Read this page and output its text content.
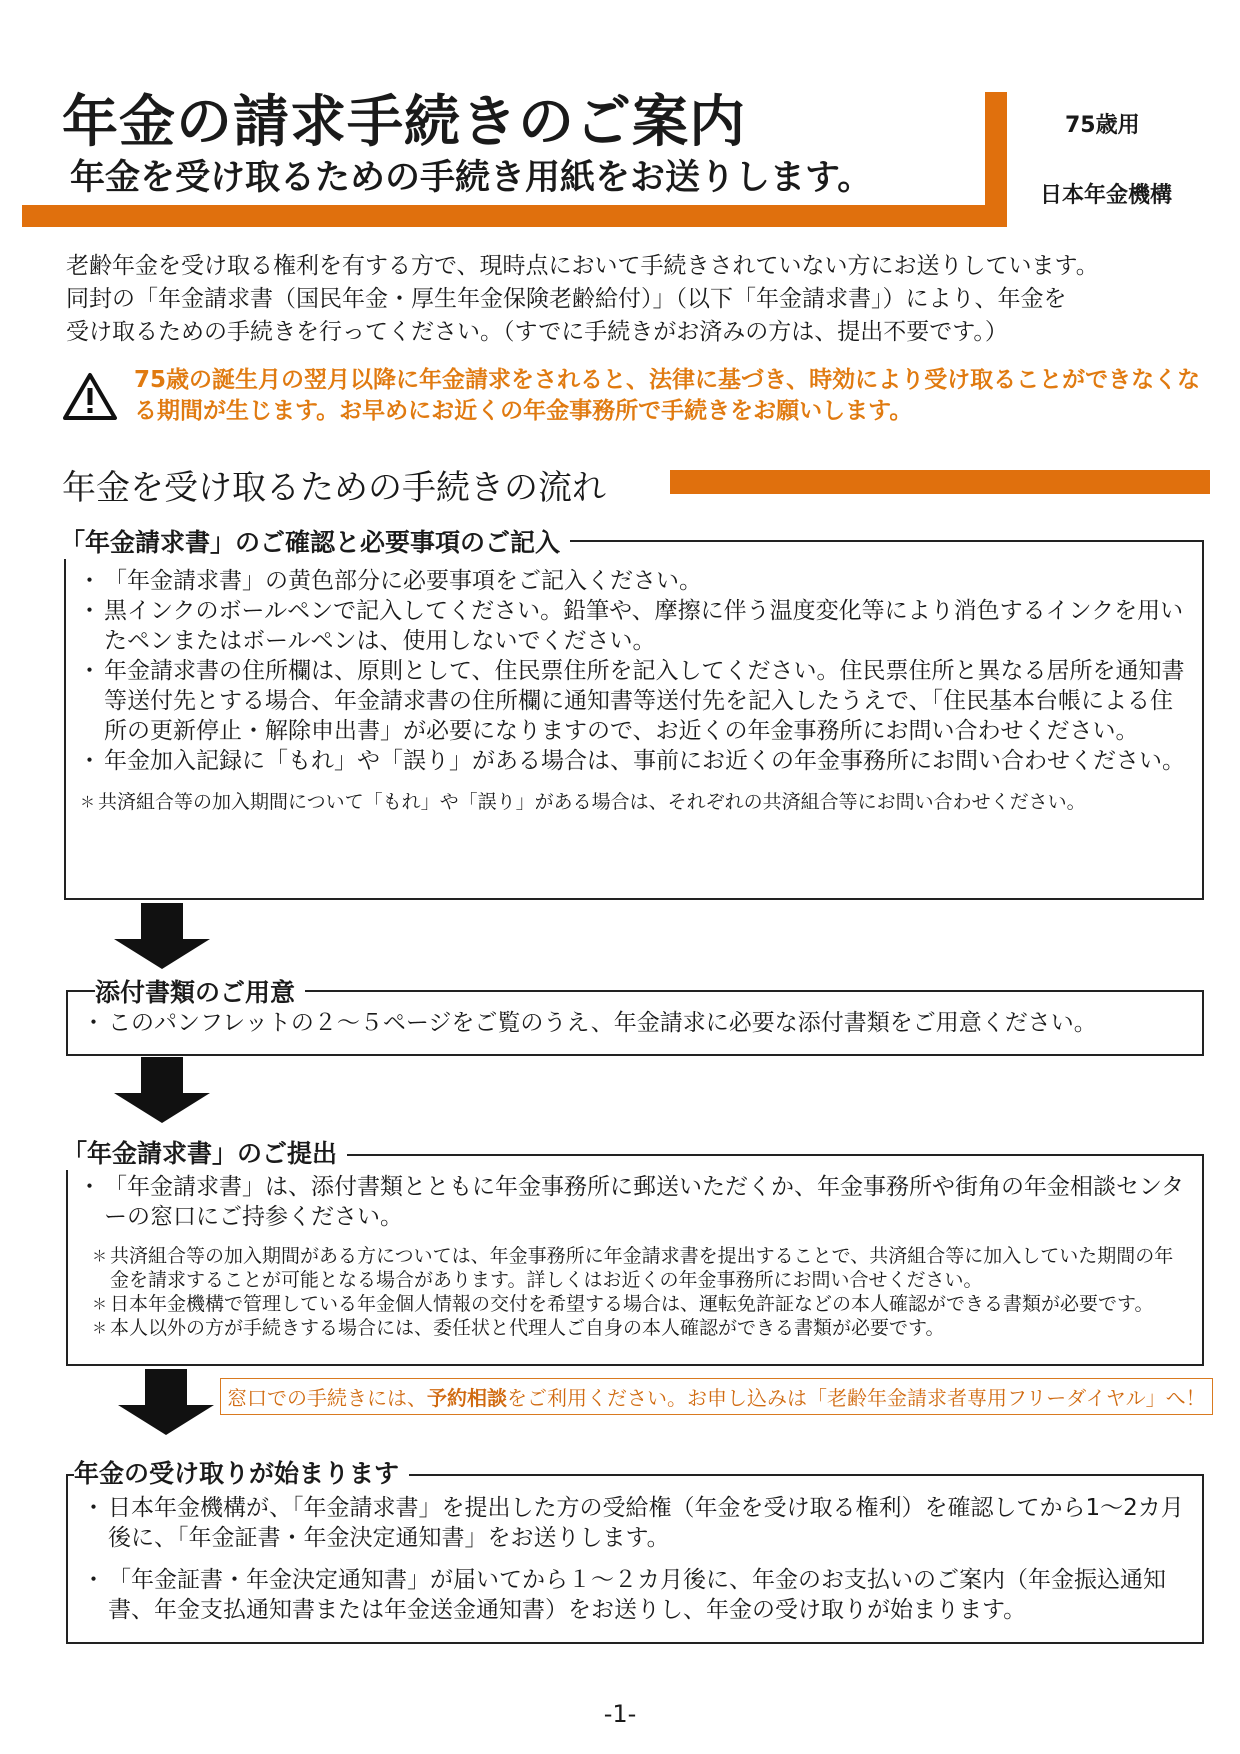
年金の請求手続きのご案内
年金を受け取るための手続き用紙をお送りします。
75歳用
日本年金機構
老齢年金を受け取る権利を有する方で、現時点において手続きされていない方にお送りしています。
同封の「年金請求書（国民年金・厚生年金保険老齢給付）」（以下「年金請求書」）により、年金を
受け取るための手続きを行ってください。（すでに手続きがお済みの方は、提出不要です。）
75歳の誕生月の翌月以降に年金請求をされると、法律に基づき、時効により受け取ることができなくなる期間が生じます。お早めにお近くの年金事務所で手続きをお願いします。
年金を受け取るための手続きの流れ
「年金請求書」のご確認と必要事項のご記入
・ 「年金請求書」の黄色部分に必要事項をご記入ください。
・ 黒インクのボールペンで記入してください。鉛筆や、摩擦に伴う温度変化等により消色するインクを用いたペンまたはボールペンは、使用しないでください。
・ 年金請求書の住所欄は、原則として、住民票住所を記入してください。住民票住所と異なる居所を通知書等送付先とする場合、年金請求書の住所欄に通知書等送付先を記入したうえで、「住民基本台帳による住所の更新停止・解除申出書」が必要になりますので、お近くの年金事務所にお問い合わせください。
・ 年金加入記録に「もれ」や「誤り」がある場合は、事前にお近くの年金事務所にお問い合わせください。
＊ 共済組合等の加入期間について「もれ」や「誤り」がある場合は、それぞれの共済組合等にお問い合わせください。
添付書類のご用意
・ このパンフレットの２～５ページをご覧のうえ、年金請求に必要な添付書類をご用意ください。
「年金請求書」のご提出
・ 「年金請求書」は、添付書類とともに年金事務所に郵送いただくか、年金事務所や街角の年金相談センターの窓口にご持参ください。
＊ 共済組合等の加入期間がある方については、年金事務所に年金請求書を提出することで、共済組合等に加入していた期間の年金を請求することが可能となる場合があります。詳しくはお近くの年金事務所にお問い合せください。
＊ 日本年金機構で管理している年金個人情報の交付を希望する場合は、運転免許証などの本人確認ができる書類が必要です。
＊ 本人以外の方が手続きする場合には、委任状と代理人ご自身の本人確認ができる書類が必要です。
窓口での手続きには、予約相談をご利用ください。お申し込みは「老齢年金請求者専用フリーダイヤル」へ！
年金の受け取りが始まります
・ 日本年金機構が、「年金請求書」を提出した方の受給権（年金を受け取る権利）を確認してから1～2カ月後に、「年金証書・年金決定通知書」をお送りします。
・ 「年金証書・年金決定通知書」が届いてから１～２カ月後に、年金のお支払いのご案内（年金振込通知書、年金支払通知書または年金送金通知書）をお送りし、年金の受け取りが始まります。
-1-
